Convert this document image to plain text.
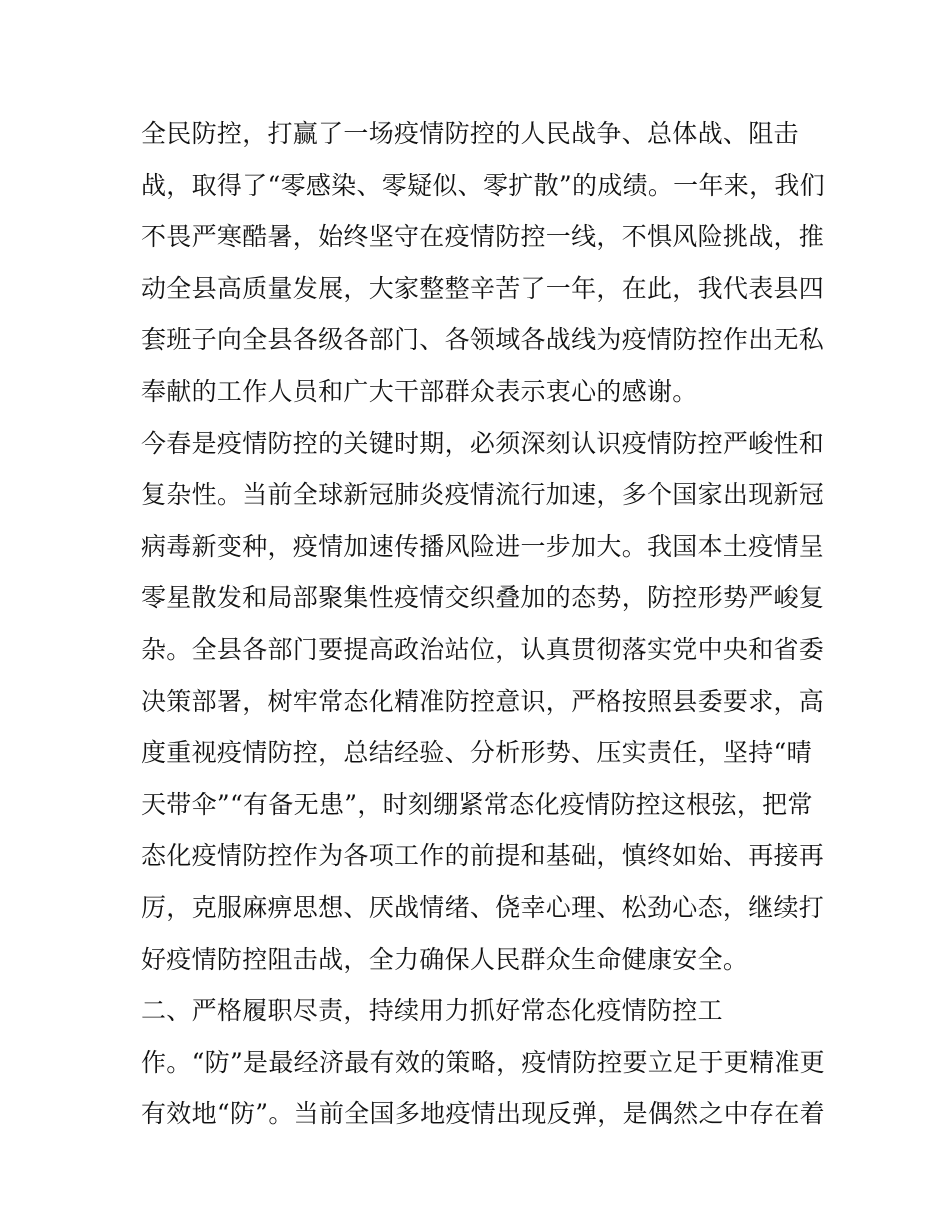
全民防控，打赢了一场疫情防控的人民战争、总体战、阻击
战，取得了“零感染、零疑似、零扩散”的成绩。一年来，我们
不畏严寒酷暑，始终坚守在疫情防控一线，不惧风险挑战，推
动全县高质量发展，大家整整辛苦了一年，在此，我代表县四
套班子向全县各级各部门、各领域各战线为疫情防控作出无私
奉献的工作人员和广大干部群众表示衷心的感谢。
今春是疫情防控的关键时期，必须深刻认识疫情防控严峻性和
复杂性。当前全球新冠肺炎疫情流行加速，多个国家出现新冠
病毒新变种，疫情加速传播风险进一步加大。我国本土疫情呈
零星散发和局部聚集性疫情交织叠加的态势，防控形势严峻复
杂。全县各部门要提高政治站位，认真贯彻落实党中央和省委
决策部署，树牢常态化精准防控意识，严格按照县委要求，高
度重视疫情防控，总结经验、分析形势、压实责任，坚持“晴
天带伞”“有备无患”，时刻绷紧常态化疫情防控这根弦，把常
态化疫情防控作为各项工作的前提和基础，慎终如始、再接再
厉，克服麻痹思想、厌战情绪、侥幸心理、松劲心态，继续打
好疫情防控阻击战，全力确保人民群众生命健康安全。
二、严格履职尽责，持续用力抓好常态化疫情防控工
作。“防”是最经济最有效的策略，疫情防控要立足于更精准更
有效地“防”。当前全国多地疫情出现反弹，是偶然之中存在着
